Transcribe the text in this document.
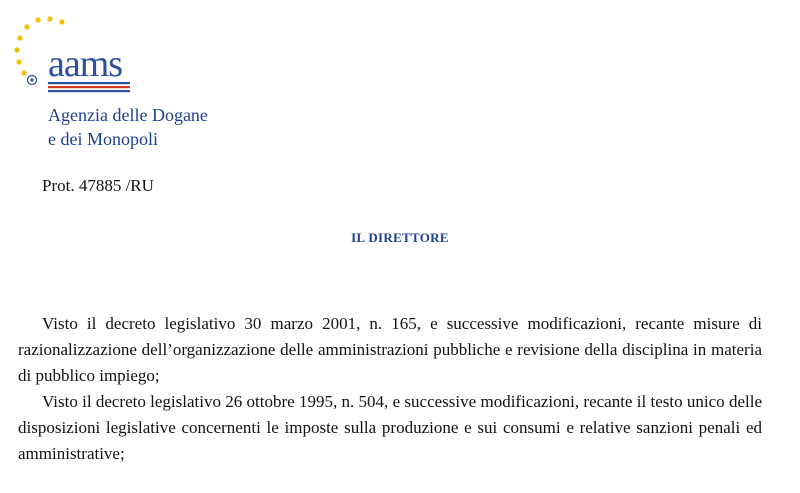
aams
Agenzia delle Dogane
e dei Monopoli
Prot. 47885 /RU
IL DIRETTORE

Visto il decreto legislativo 30 marzo 2001, n. 165, e successive modificazioni, recante misure di razionalizzazione dell’organizzazione delle amministrazioni pubbliche e revisione della disciplina in materia di pubblico impiego;

Visto il decreto legislativo 26 ottobre 1995, n. 504, e successive modificazioni, recante il testo unico delle disposizioni legislative concernenti le imposte sulla produzione e sui consumi e relative sanzioni penali ed amministrative;
